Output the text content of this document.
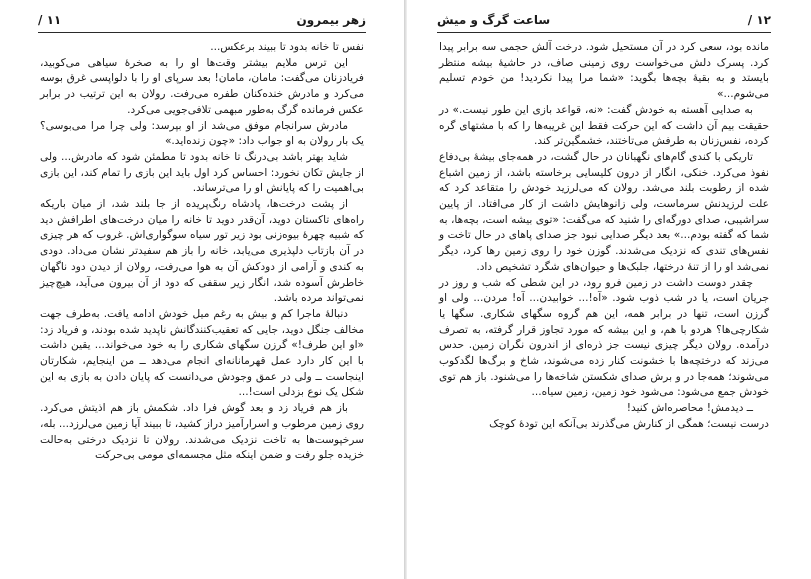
زهر بیمرون
۱۱ /

نفس تا خانه بدود تا ببیند برعکس...

این ترس ملایم بیشتر وقت‌ها او را به صخرهٔ سیاهی می‌کوبید، فریادزنان می‌گفت: مامان، مامان! بعد سرپای او را با دلواپسی غرق بوسه می‌کرد و مادرش خنده‌کنان طفره می‌رفت. رولان به این ترتیب در برابر عکس فرمانده گرگ به‌طور مبهمی تلافی‌جویی می‌کرد.

مادرش سرانجام موفق می‌شد از او بپرسد: ولی چرا مرا می‌بوسی؟ یک بار رولان به او جواب داد: «چون زنده‌اید.»

شاید بهتر باشد بی‌درنگ تا خانه بدود تا مطمئن شود که مادرش... ولی از جایش تکان نخورد: احساس کرد اول باید این بازی را تمام کند، این بازی بی‌اهمیت را که پایانش او را می‌ترساند.

از پشت درخت‌ها، پادشاه رنگ‌پریده از جا بلند شد، از میان باریکه راه‌های تاکستان دوید، آن‌قدر دوید تا خانه را میان درخت‌های اطرافش دید که شبیه چهرهٔ بیوه‌زنی بود زیر تور سیاه سوگواری‌اش. غروب که هر چیزی در آن بازتاب دلپذیری می‌یابد، خانه را باز هم سفیدتر نشان می‌داد. دودی به کندی و آرامی از دودکش آن به هوا می‌رفت، رولان از دیدن دود ناگهان خاطرش آسوده شد، انگار زیر سقفی که دود از آن بیرون می‌آید، هیچ‌چیز نمی‌تواند مرده باشد.

دنبالهٔ ماجرا کم و بیش به رغم میل خودش ادامه یافت. به‌طرف جهت مخالف جنگل دوید، جایی که تعقیب‌کنندگانش ناپدید شده بودند، و فریاد زد: «او این طرف!» گرزن سگهای شکاری را به خود می‌خواند... یقین داشت با این کار دارد عمل قهرمانانه‌ای انجام می‌دهد ــ من اینجایم، شکارتان اینجاست ــ ولی در عمق وجودش می‌دانست که پایان دادن به بازی به این شکل یک نوع بزدلی است!...

باز هم فریاد زد و بعد گوش فرا داد. شکمش باز هم اذیتش می‌کرد. روی زمین مرطوب و اسرارآمیز دراز کشید، تا ببیند آیا زمین می‌لرزد... بله، سرخپوست‌ها به تاخت نزدیک می‌شدند. رولان تا نزدیک درختی به‌حالت خزیده جلو رفت و ضمن اینکه مثل مجسمه‌ای مومی بی‌حرکت

۱۲ /
ساعت گرگ و میش

مانده بود، سعی کرد در آن مستحیل شود. درخت آلش حجمی سه برابر پیدا کرد. پسرک دلش می‌خواست روی زمینی صاف، در حاشیهٔ بیشه منتظر بایستد و به بقیهٔ بچه‌ها بگوید: «شما مرا پیدا نکردید! من خودم تسلیم می‌شوم...»

به صدایی آهسته به خودش گفت: «نه، قواعد بازی این طور نیست.» در حقیقت بیم آن داشت که این حرکت فقط این غریبه‌ها را که با مشتهای گره کرده، نفس‌زنان به طرفش می‌تاختند، خشمگین‌تر کند.

تاریکی با کندی گام‌های نگهبانان در حال گشت، در همه‌جای بیشهٔ بی‌دفاع نفوذ می‌کرد. خنکی، انگار از درون کلیسایی برخاسته باشد، از زمین اشباع شده از رطوبت بلند می‌شد. رولان که می‌لرزید خودش را متقاعد کرد که علت لرزیدنش سرماست، ولی زانوهایش داشت از کار می‌افتاد. از پایین سراشیبی، صدای دورگه‌ای را شنید که می‌گفت: «توی بیشه است، بچه‌ها، به شما که گفته بودم...» بعد دیگر صدایی نبود جز صدای پاهای در حال تاخت و نفس‌های تندی که نزدیک می‌شدند. گوزن خود را روی زمین رها کرد، دیگر نمی‌شد او را از تنهٔ درختها، جلبک‌ها و حیوان‌های شگرد تشخیص داد.

چقدر دوست داشت در زمین فرو رود، در این شطی که شب و روز در جریان است، یا در شب ذوب شود. «آه!... خوابیدن... آه! مردن... ولی او گرزن است، تنها در برابر همه، این هم گروه سگهای شکاری. سگها یا شکارچی‌ها؟ هردو با هم، و این بیشه که مورد تجاوز قرار گرفته، به تصرف درآمده. رولان دیگر چیزی نیست جز ذره‌ای از اندرون نگران زمین. حدس می‌زند که درختچه‌ها با خشونت کنار زده می‌شوند، شاخ و برگ‌ها لگدکوب می‌شوند؛ همه‌جا در و برش صدای شکستن شاخه‌ها را می‌شنود. باز هم توی خودش جمع می‌شود: می‌شود خود زمین، زمین سیاه...

ــ دیدمش! محاصره‌اش کنید!

درست نیست؛ همگی از کنارش می‌گذرند بی‌آنکه این تودهٔ کوچک
